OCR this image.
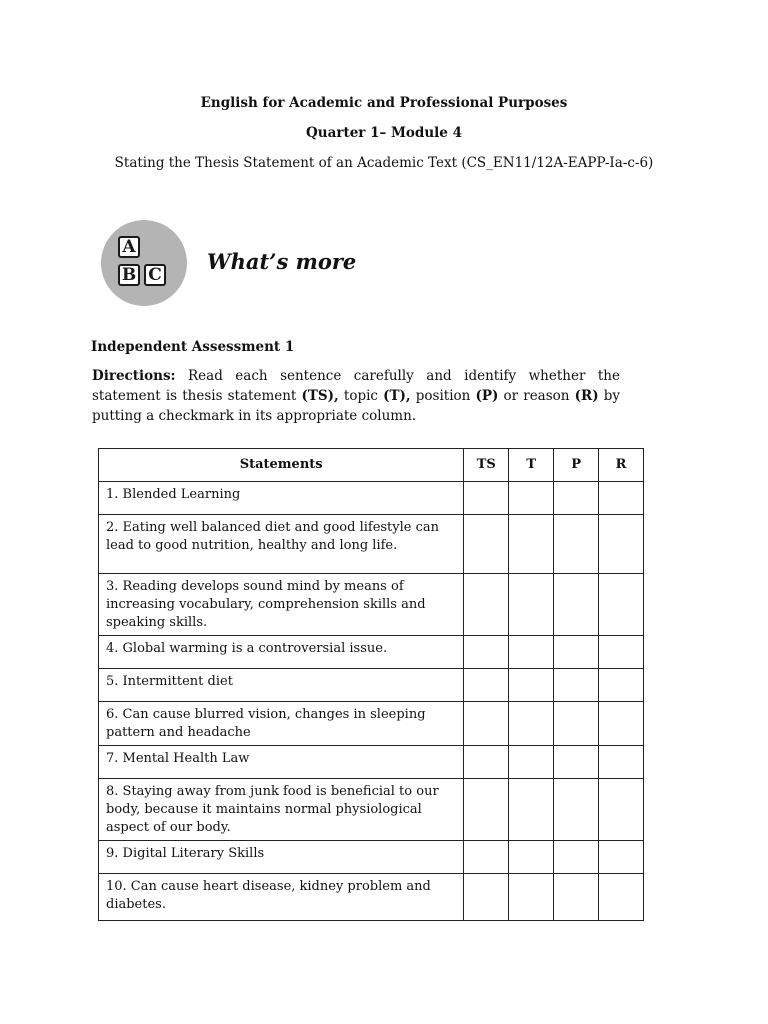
English for Academic and Professional Purposes
Quarter 1– Module 4
Stating the Thesis Statement of an Academic Text (CS_EN11/12A-EAPP-Ia-c-6)
A
B C
What’s more
Independent Assessment 1
Directions: Read each sentence carefully and identify whether the statement is thesis statement (TS), topic (T), position (P) or reason (R) by putting a checkmark in its appropriate column.
Statements	TS	T	P	R
1. Blended Learning				
2. Eating well balanced diet and good lifestyle can lead to good nutrition, healthy and long life.				
3. Reading develops sound mind by means of increasing vocabulary, comprehension skills and speaking skills.				
4. Global warming is a controversial issue.				
5. Intermittent diet				
6. Can cause blurred vision, changes in sleeping pattern and headache				
7. Mental Health Law				
8. Staying away from junk food is beneficial to our body, because it maintains normal physiological aspect of our body.				
9. Digital Literary Skills				
10. Can cause heart disease, kidney problem and diabetes.				
